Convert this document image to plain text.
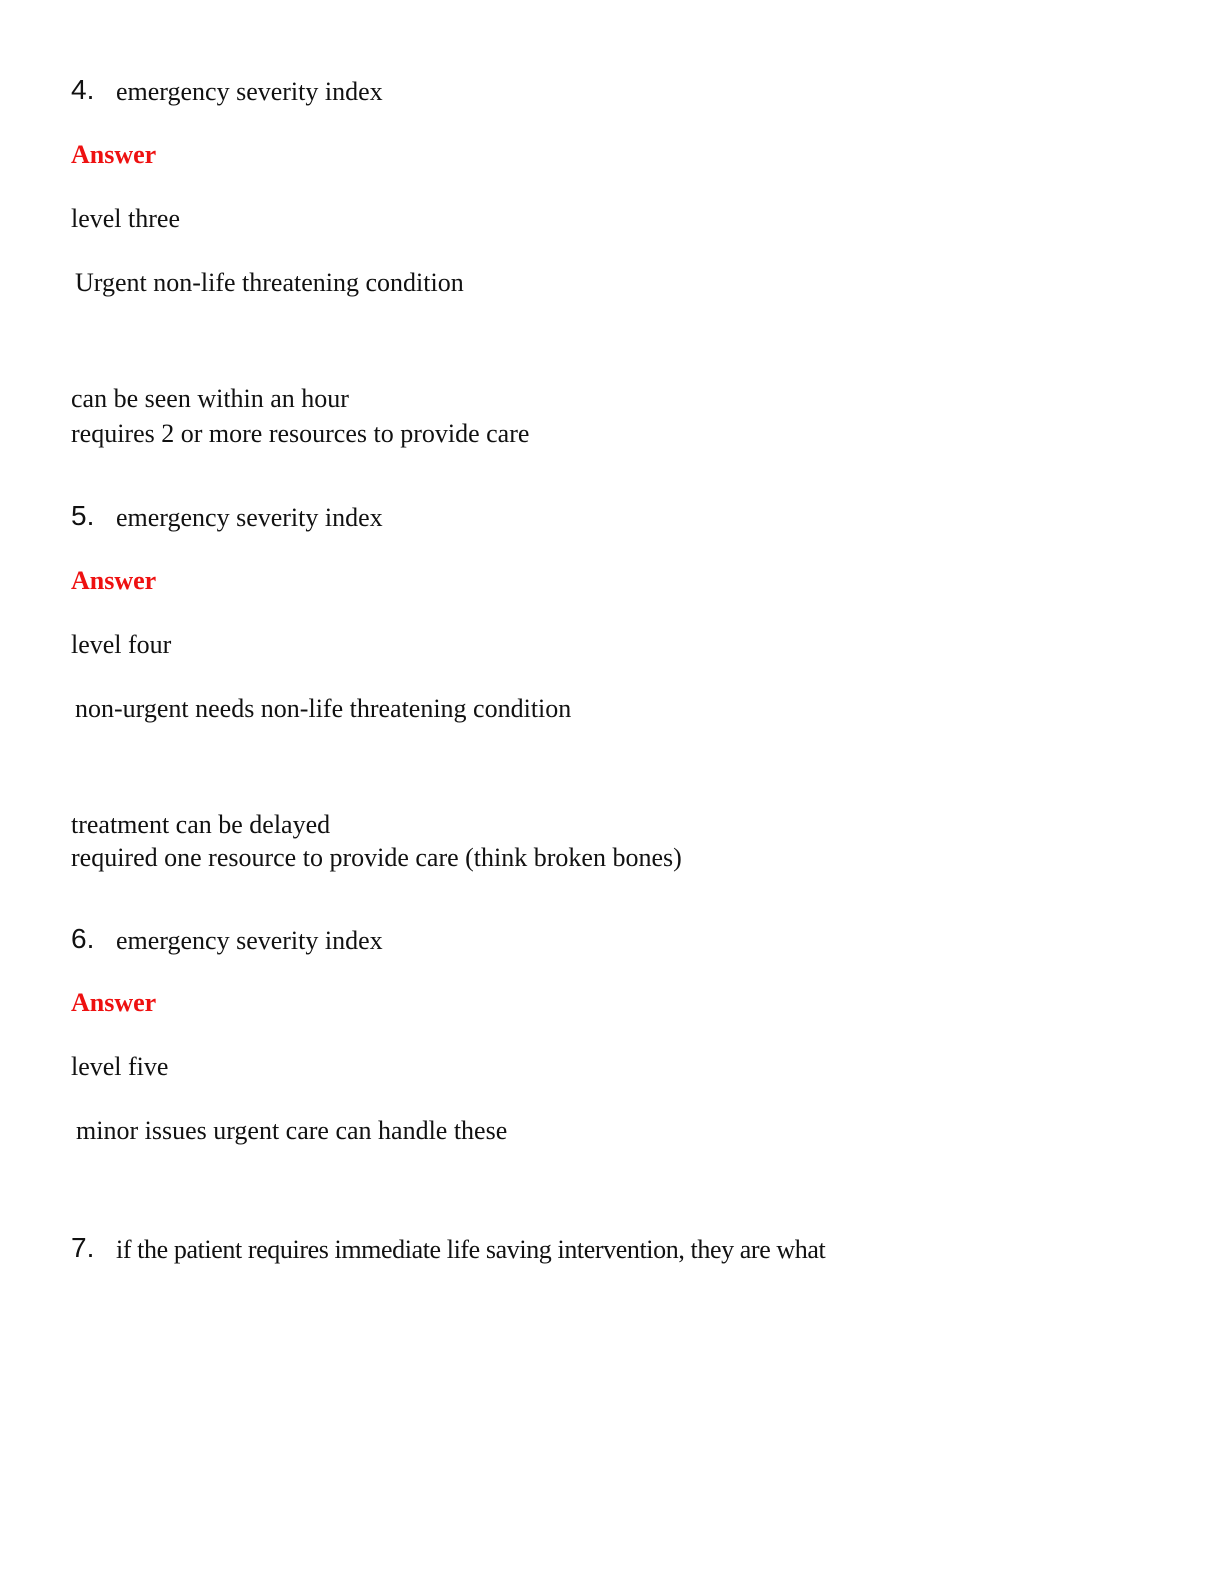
4. emergency severity index
Answer
level three
Urgent non-life threatening condition
can be seen within an hour
requires 2 or more resources to provide care
5. emergency severity index
Answer
level four
non-urgent needs non-life threatening condition
treatment can be delayed
required one resource to provide care (think broken bones)
6. emergency severity index
Answer
level five
minor issues urgent care can handle these
7. if the patient requires immediate life saving intervention, they are what
